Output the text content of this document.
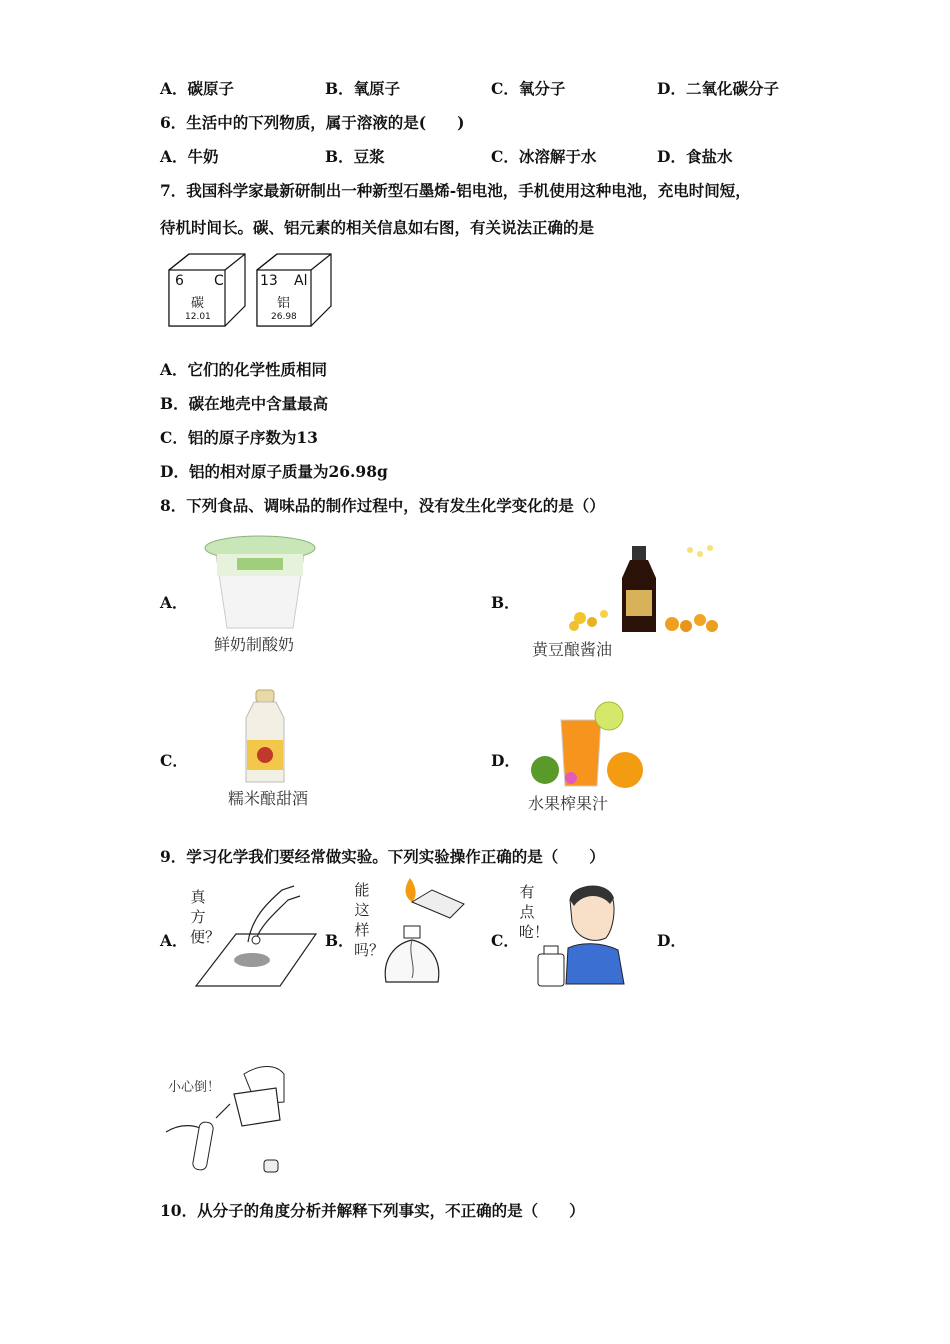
A．碳原子	B．氧原子	C．氧分子	D．二氧化碳分子
6．生活中的下列物质，属于溶液的是(　　)
A．牛奶	B．豆浆	C．冰溶解于水	D．食盐水
7．我国科学家最新研制出一种新型石墨烯-铝电池，手机使用这种电池，充电时间短，
待机时间长。碳、铝元素的相关信息如右图，有关说法正确的是
6 C
碳
12.01
13 Al
铝
26.98
A．它们的化学性质相同
B．碳在地壳中含量最高
C．铝的原子序数为13
D．铝的相对原子质量为26.98g
8．下列食品、调味品的制作过程中，没有发生化学变化的是（）
A．
鲜奶制酸奶
B．
黄豆酿酱油
C．
糯米酿甜酒
D．
水果榨果汁
9．学习化学我们要经常做实验。下列实验操作正确的是（　　）
A．
真方便？	B．
能这样吗？	C．
有点呛！	D．
小心倒！
10．从分子的角度分析并解释下列事实，不正确的是（　　）
